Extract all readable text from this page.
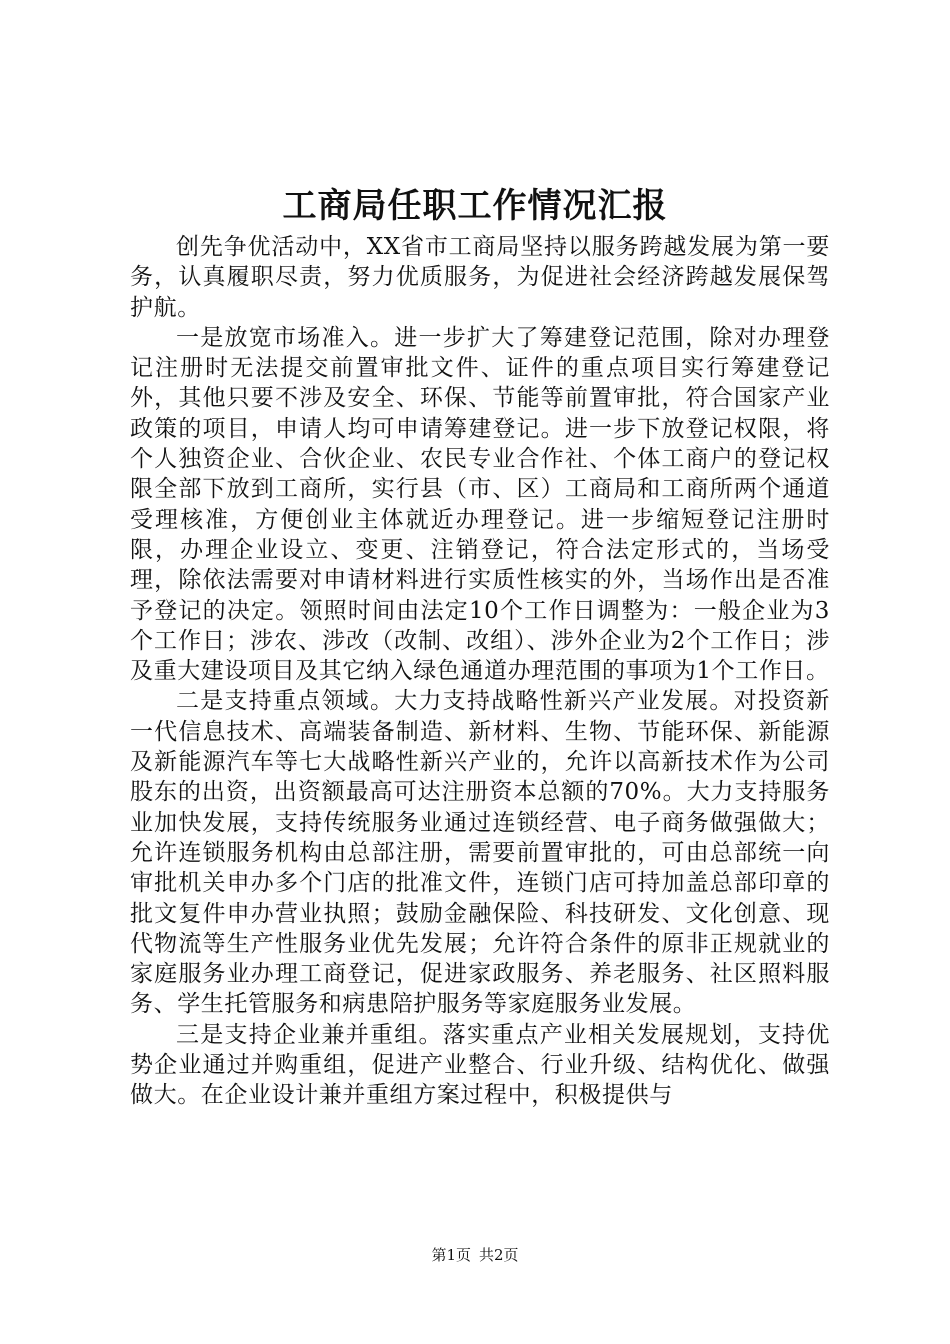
工商局任职工作情况汇报

创先争优活动中，XX省市工商局坚持以服务跨越发展为第一要务，认真履职尽责，努力优质服务，为促进社会经济跨越发展保驾护航。

一是放宽市场准入。进一步扩大了筹建登记范围，除对办理登记注册时无法提交前置审批文件、证件的重点项目实行筹建登记外，其他只要不涉及安全、环保、节能等前置审批，符合国家产业政策的项目，申请人均可申请筹建登记。进一步下放登记权限，将个人独资企业、合伙企业、农民专业合作社、个体工商户的登记权限全部下放到工商所，实行县（市、区）工商局和工商所两个通道受理核准，方便创业主体就近办理登记。进一步缩短登记注册时限，办理企业设立、变更、注销登记，符合法定形式的，当场受理，除依法需要对申请材料进行实质性核实的外，当场作出是否准予登记的决定。领照时间由法定10个工作日调整为：一般企业为3个工作日；涉农、涉改（改制、改组）、涉外企业为2个工作日；涉及重大建设项目及其它纳入绿色通道办理范围的事项为1个工作日。

二是支持重点领域。大力支持战略性新兴产业发展。对投资新一代信息技术、高端装备制造、新材料、生物、节能环保、新能源及新能源汽车等七大战略性新兴产业的，允许以高新技术作为公司股东的出资，出资额最高可达注册资本总额的70%。大力支持服务业加快发展，支持传统服务业通过连锁经营、电子商务做强做大；允许连锁服务机构由总部注册，需要前置审批的，可由总部统一向审批机关申办多个门店的批准文件，连锁门店可持加盖总部印章的批文复件申办营业执照；鼓励金融保险、科技研发、文化创意、现代物流等生产性服务业优先发展；允许符合条件的原非正规就业的家庭服务业办理工商登记，促进家政服务、养老服务、社区照料服务、学生托管服务和病患陪护服务等家庭服务业发展。

三是支持企业兼并重组。落实重点产业相关发展规划，支持优势企业通过并购重组，促进产业整合、行业升级、结构优化、做强做大。在企业设计兼并重组方案过程中，积极提供与

第1页 共2页
